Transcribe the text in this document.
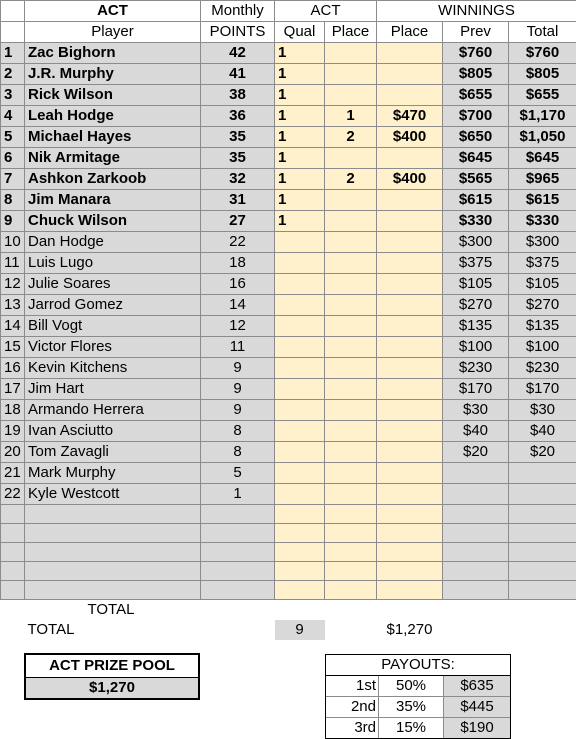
	ACT	Monthly	ACT		WINNINGS		
	Player	POINTS	Qual	Place	Place	Prev	Total
1	Zac Bighorn	42	1			$760	$760
2	J.R. Murphy	41	1			$805	$805
3	Rick Wilson	38	1			$655	$655
4	Leah Hodge	36	1	1	$470	$700	$1,170
5	Michael Hayes	35	1	2	$400	$650	$1,050
6	Nik Armitage	35	1			$645	$645
7	Ashkon Zarkoob	32	1	2	$400	$565	$965
8	Jim Manara	31	1			$615	$615
9	Chuck Wilson	27	1			$330	$330
10	Dan Hodge	22				$300	$300
11	Luis Lugo	18				$375	$375
12	Julie Soares	16				$105	$105
13	Jarrod Gomez	14				$270	$270
14	Bill Vogt	12				$135	$135
15	Victor Flores	11				$100	$100
16	Kevin Kitchens	9				$230	$230
17	Jim Hart	9				$170	$170
18	Armando Herrera	9				$30	$30
19	Ivan Asciutto	8				$40	$40
20	Tom Zavagli	8				$20	$20
21	Mark Murphy	5					
22	Kyle Westcott	1					

	TOTAL						
	TOTAL		9		$1,270		
ACT PRIZE POOL
$1,270
PAYOUTS:
1st	50%	$635
2nd	35%	$445
3rd	15%	$190
